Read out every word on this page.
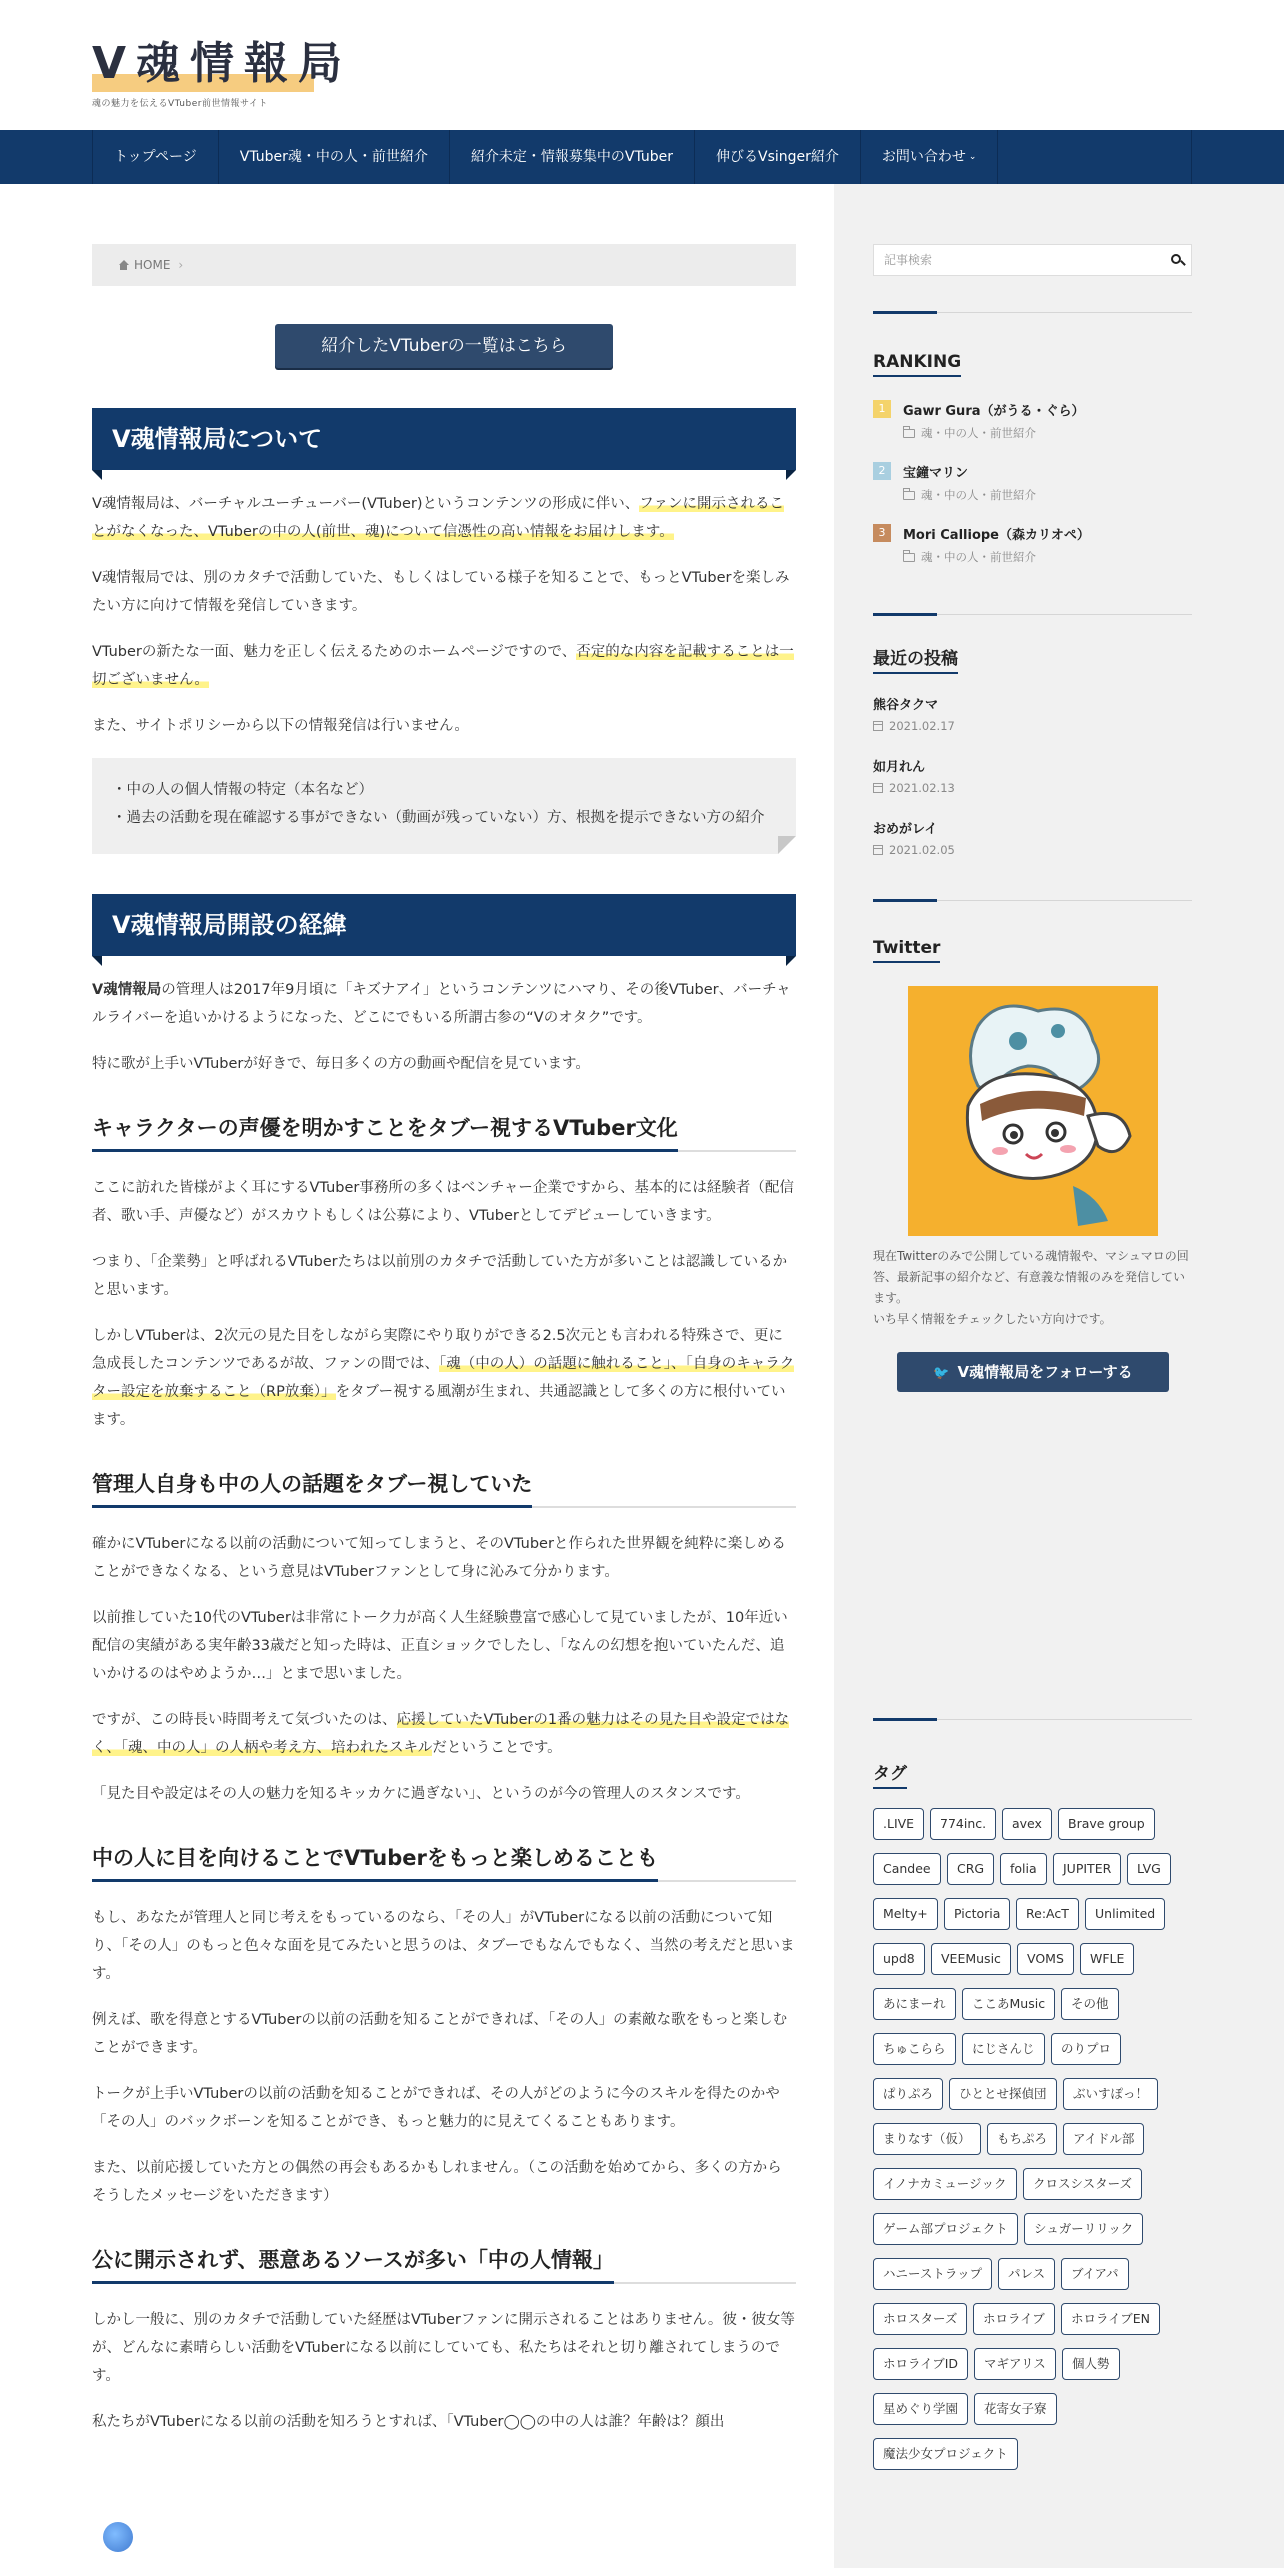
V魂情報局
魂の魅力を伝えるVTuber前世情報サイト
トップページ	VTuber魂・中の人・前世紹介	紹介未定・情報募集中のVTuber	伸びるVsinger紹介	お問い合わせ ⌄
HOME ›
紹介したVTuberの一覧はこちら
V魂情報局について

V魂情報局は、バーチャルユーチューバー(VTuber)というコンテンツの形成に伴い、ファンに開示されることがなくなった、VTuberの中の人(前世、魂)について信憑性の高い情報をお届けします。

V魂情報局では、別のカタチで活動していた、もしくはしている様子を知ることで、もっとVTuberを楽しみたい方に向けて情報を発信していきます。

VTuberの新たな一面、魅力を正しく伝えるためのホームページですので、否定的な内容を記載することは一切ございません。

また、サイトポリシーから以下の情報発信は行いません。

・中の人の個人情報の特定（本名など）
・過去の活動を現在確認する事ができない（動画が残っていない）方、根拠を提示できない方の紹介
V魂情報局開設の経緯

V魂情報局の管理人は2017年9月頃に「キズナアイ」というコンテンツにハマり、その後VTuber、バーチャルライバーを追いかけるようになった、どこにでもいる所謂古参の“Vのオタク”です。

特に歌が上手いVTuberが好きで、毎日多くの方の動画や配信を見ています。

キャラクターの声優を明かすことをタブー視するVTuber文化

ここに訪れた皆様がよく耳にするVTuber事務所の多くはベンチャー企業ですから、基本的には経験者（配信者、歌い手、声優など）がスカウトもしくは公募により、VTuberとしてデビューしていきます。

つまり、「企業勢」と呼ばれるVTuberたちは以前別のカタチで活動していた方が多いことは認識しているかと思います。

しかしVTuberは、2次元の見た目をしながら実際にやり取りができる2.5次元とも言われる特殊さで、更に急成長したコンテンツであるが故、ファンの間では、「魂（中の人）の話題に触れること」、「自身のキャラクター設定を放棄すること（RP放棄）」をタブー視する風潮が生まれ、共通認識として多くの方に根付いています。

管理人自身も中の人の話題をタブー視していた

確かにVTuberになる以前の活動について知ってしまうと、そのVTuberと作られた世界観を純粋に楽しめることができなくなる、という意見はVTuberファンとして身に沁みて分かります。

以前推していた10代のVTuberは非常にトーク力が高く人生経験豊富で感心して見ていましたが、10年近い配信の実績がある実年齢33歳だと知った時は、正直ショックでしたし、「なんの幻想を抱いていたんだ、追いかけるのはやめようか…」とまで思いました。

ですが、この時長い時間考えて気づいたのは、応援していたVTuberの1番の魅力はその見た目や設定ではなく、「魂、中の人」の人柄や考え方、培われたスキルだということです。

「見た目や設定はその人の魅力を知るキッカケに過ぎない」、というのが今の管理人のスタンスです。

中の人に目を向けることでVTuberをもっと楽しめることも

もし、あなたが管理人と同じ考えをもっているのなら、「その人」がVTuberになる以前の活動について知り、「その人」のもっと色々な面を見てみたいと思うのは、タブーでもなんでもなく、当然の考えだと思います。

例えば、歌を得意とするVTuberの以前の活動を知ることができれば、「その人」の素敵な歌をもっと楽しむことができます。

トークが上手いVTuberの以前の活動を知ることができれば、その人がどのように今のスキルを得たのかや「その人」のバックボーンを知ることができ、もっと魅力的に見えてくることもあります。

また、以前応援していた方との偶然の再会もあるかもしれません。（この活動を始めてから、多くの方からそうしたメッセージをいただきます）

公に開示されず、悪意あるソースが多い「中の人情報」

しかし一般に、別のカタチで活動していた経歴はVTuberファンに開示されることはありません。彼・彼女等が、どんなに素晴らしい活動をVTuberになる以前にしていても、私たちはそれと切り離されてしまうのです。

私たちがVTuberになる以前の活動を知ろうとすれば、「VTuber◯◯の中の人は誰？年齢は？顔出

記事検索
RANKING
1	Gawr Gura（がうる・ぐら）
魂・中の人・前世紹介
2	宝鐘マリン
魂・中の人・前世紹介
3	Mori Calliope（森カリオペ）
魂・中の人・前世紹介
最近の投稿
熊谷タクマ
2021.02.17
如月れん
2021.02.13
おめがレイ
2021.02.05
Twitter
現在Twitterのみで公開している魂情報や、マシュマロの回答、最新記事の紹介など、有意義な情報のみを発信しています。
いち早く情報をチェックしたい方向けです。
🐦 V魂情報局をフォローする
タグ
.LIVE	774inc.	avex	Brave group
Candee	CRG	folia	JUPITER	LVG
Melty+	Pictoria	Re:AcT	Unlimited
upd8	VEEMusic	VOMS	WFLE
あにまーれ	ここあMusic	その他
ちゅこらら	にじさんじ	のりプロ
ぱりぷろ	ひととせ探偵団	ぶいすぽっ！
まりなす（仮）	もちぷろ	アイドル部
イノナカミュージック	クロスシスターズ
ゲーム部プロジェクト	シュガーリリック
ハニーストラップ	パレス	ブイアパ
ホロスターズ	ホロライブ	ホロライブEN
ホロライブID	マギアリス	個人勢
星めぐり学園	花寄女子寮
魔法少女プロジェクト
